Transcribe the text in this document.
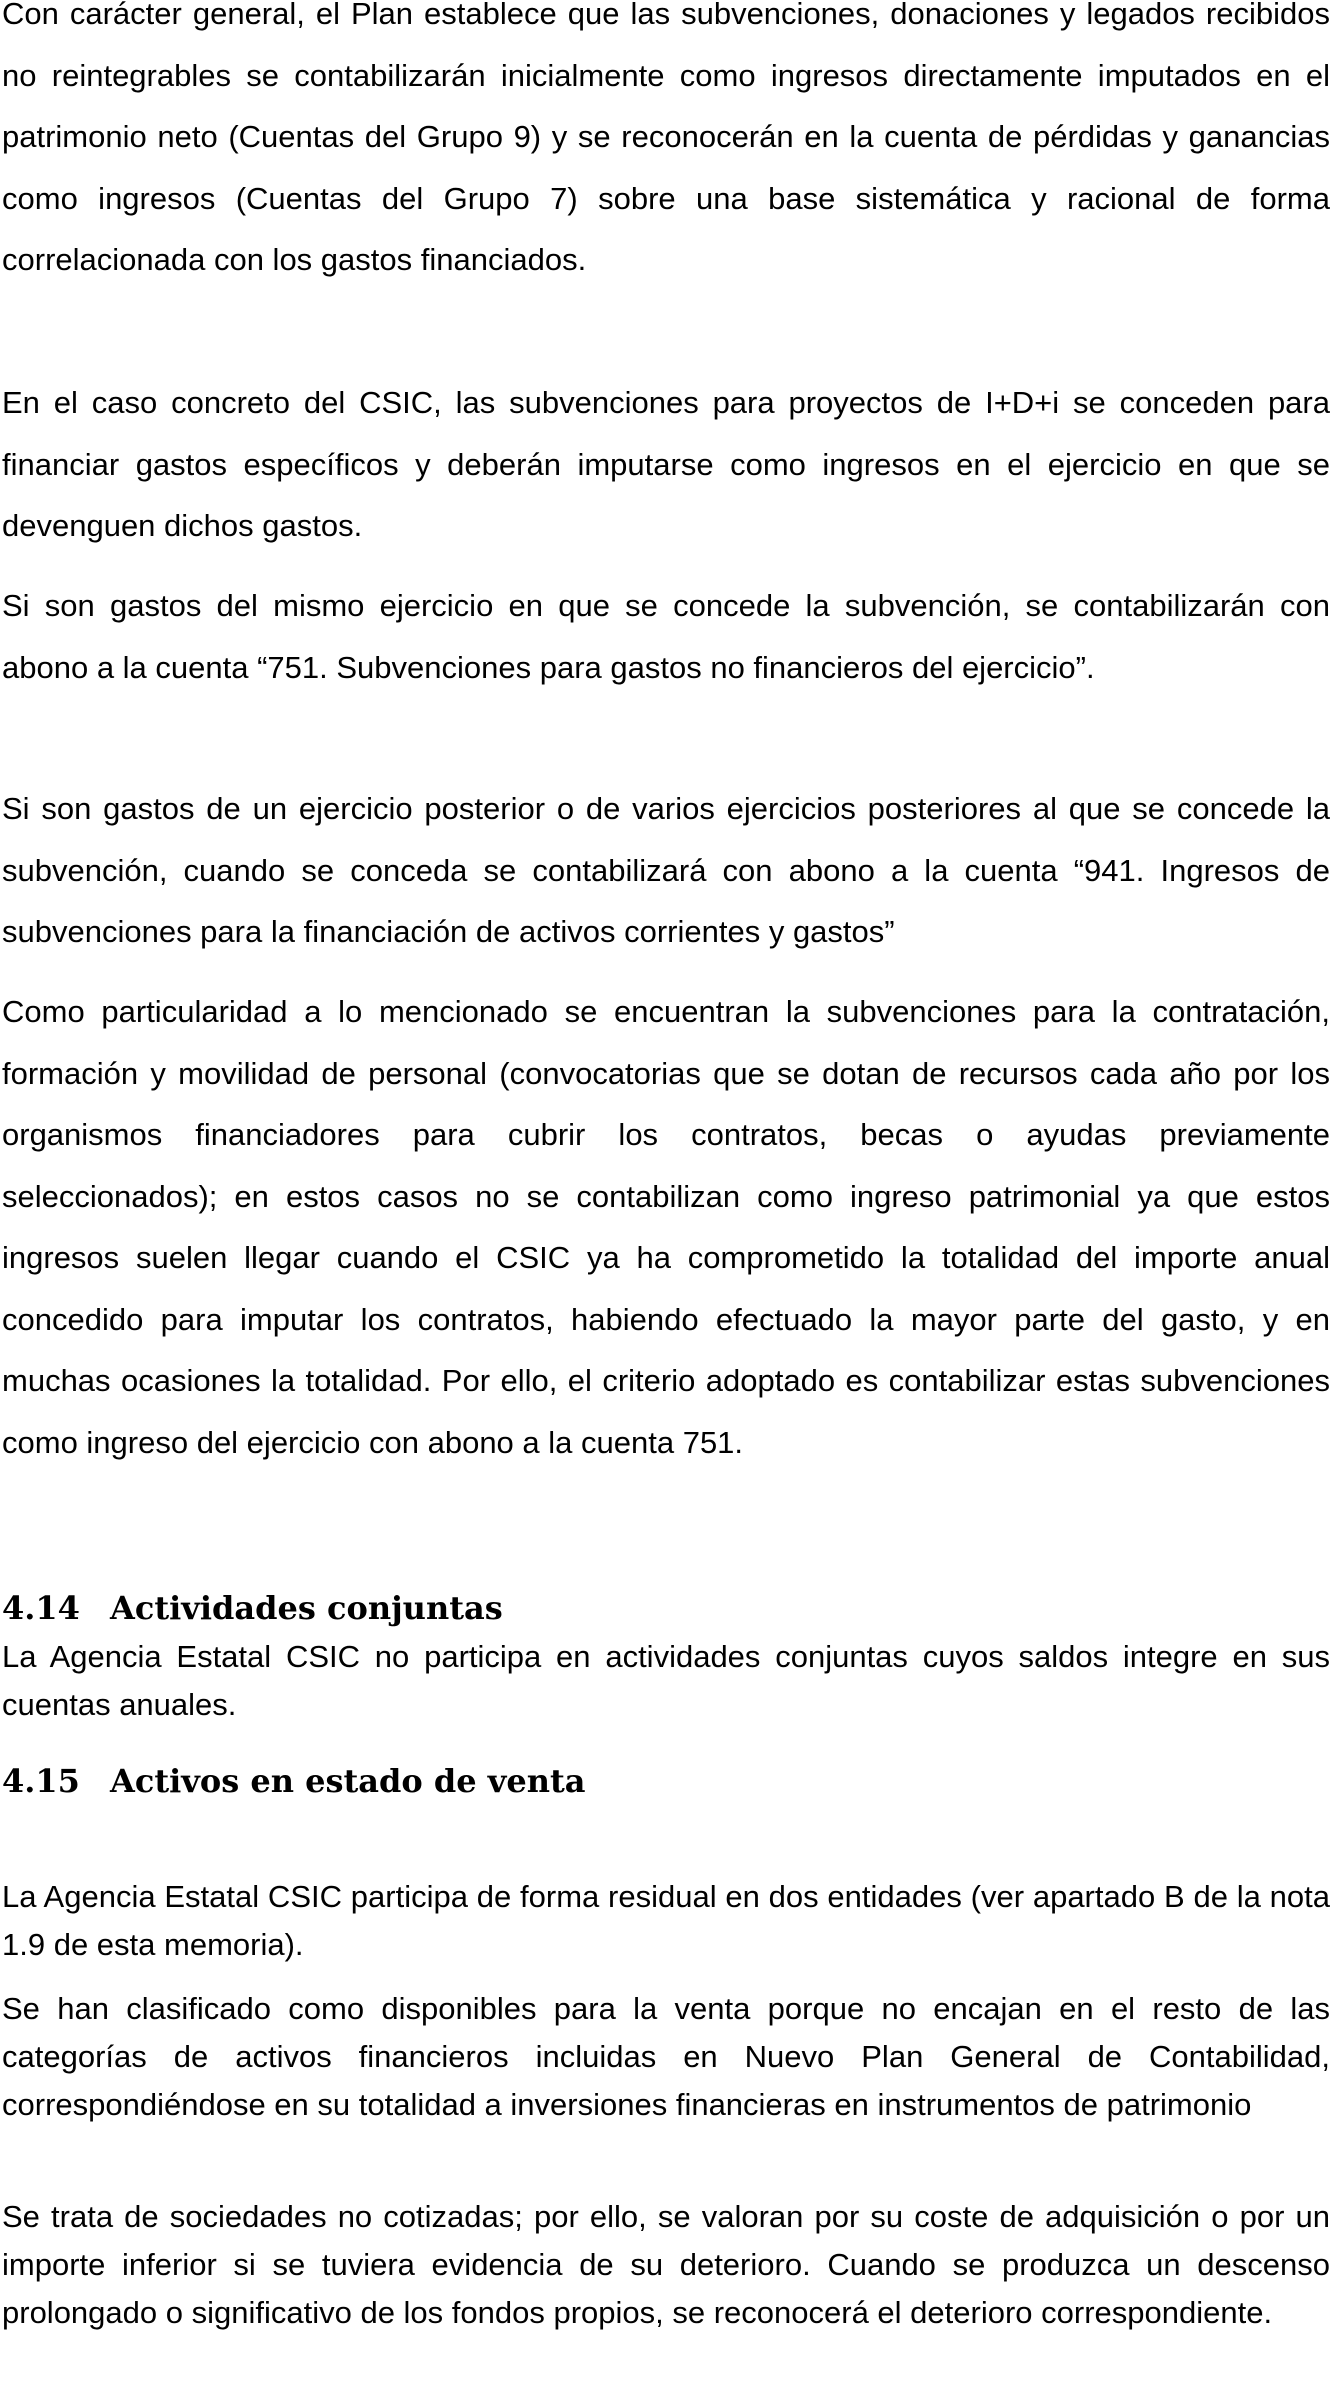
Con carácter general, el Plan establece que las subvenciones, donaciones y legados recibidos no reintegrables se contabilizarán inicialmente como ingresos directamente imputados en el patrimonio neto (Cuentas del Grupo 9) y se reconocerán en la cuenta de pérdidas y ganancias como ingresos (Cuentas del Grupo 7) sobre una base sistemática y racional de forma correlacionada con los gastos financiados.

En el caso concreto del CSIC, las subvenciones para proyectos de I+D+i se conceden para financiar gastos específicos y deberán imputarse como ingresos en el ejercicio en que se devenguen dichos gastos.

Si son gastos del mismo ejercicio en que se concede la subvención, se contabilizarán con abono a la cuenta “751. Subvenciones para gastos no financieros del ejercicio”.

Si son gastos de un ejercicio posterior o de varios ejercicios posteriores al que se concede la subvención, cuando se conceda se contabilizará con abono a la cuenta “941. Ingresos de subvenciones para la financiación de activos corrientes y gastos”

Como particularidad a lo mencionado se encuentran la subvenciones para la contratación, formación y movilidad de personal (convocatorias que se dotan de recursos cada año por los organismos financiadores para cubrir los contratos, becas o ayudas previamente seleccionados); en estos casos no se contabilizan como ingreso patrimonial ya que estos ingresos suelen llegar cuando el CSIC ya ha comprometido la totalidad del importe anual concedido para imputar los contratos, habiendo efectuado la mayor parte del gasto, y en muchas ocasiones la totalidad. Por ello, el criterio adoptado es contabilizar estas subvenciones como ingreso del ejercicio con abono a la cuenta 751.

4.14 Actividades conjuntas

La Agencia Estatal CSIC no participa en actividades conjuntas cuyos saldos integre en sus cuentas anuales.

4.15 Activos en estado de venta

La Agencia Estatal CSIC participa de forma residual en dos entidades (ver apartado B de la nota 1.9 de esta memoria).

Se han clasificado como disponibles para la venta porque no encajan en el resto de las categorías de activos financieros incluidas en Nuevo Plan General de Contabilidad, correspondiéndose en su totalidad a inversiones financieras en instrumentos de patrimonio

Se trata de sociedades no cotizadas; por ello, se valoran por su coste de adquisición o por un importe inferior si se tuviera evidencia de su deterioro. Cuando se produzca un descenso prolongado o significativo de los fondos propios, se reconocerá el deterioro correspondiente.
